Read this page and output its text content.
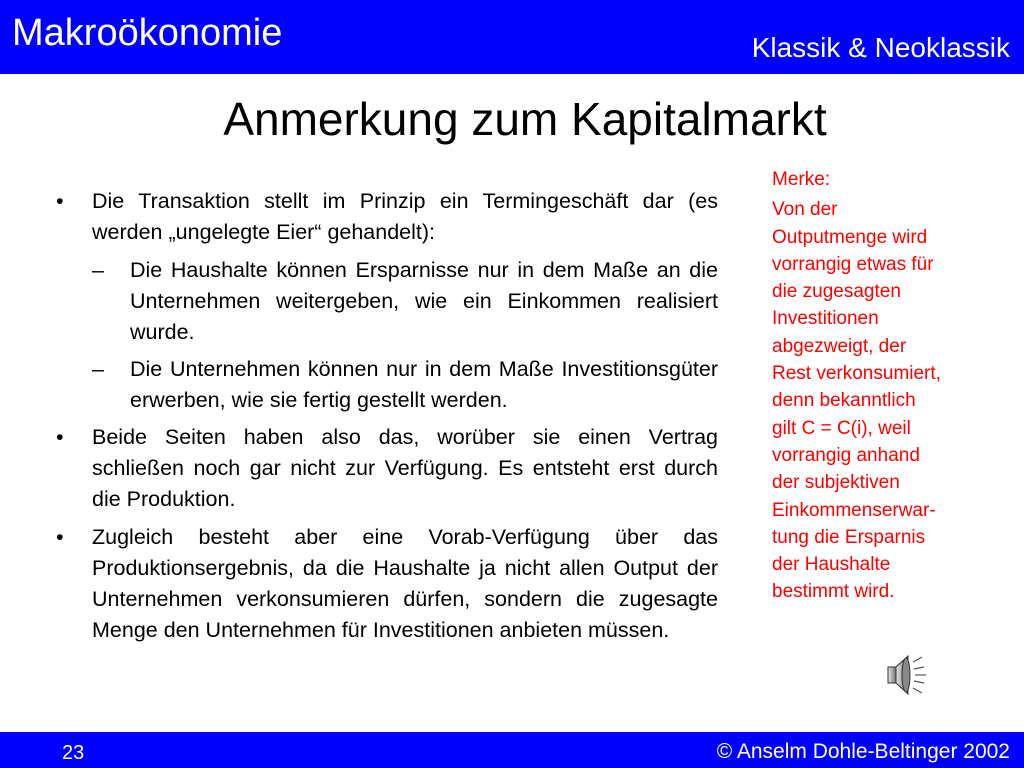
Makroökonomie	Klassik & Neoklassik
Anmerkung zum Kapitalmarkt
• Die Transaktion stellt im Prinzip ein Termingeschäft dar (es werden „ungelegte Eier“ gehandelt):
– Die Haushalte können Ersparnisse nur in dem Maße an die Unternehmen weitergeben, wie ein Einkommen realisiert wurde.
– Die Unternehmen können nur in dem Maße Investitionsgüter erwerben, wie sie fertig gestellt werden.
• Beide Seiten haben also das, worüber sie einen Vertrag schließen noch gar nicht zur Verfügung. Es entsteht erst durch die Produktion.
• Zugleich besteht aber eine Vorab-Verfügung über das Produktionsergebnis, da die Haushalte ja nicht allen Output der Unternehmen verkonsumieren dürfen, sondern die zugesagte Menge den Unternehmen für Investitionen anbieten müssen.
Merke:
Von der
Outputmenge wird
vorrangig etwas für
die zugesagten
Investitionen
abgezweigt, der
Rest verkonsumiert,
denn bekanntlich
gilt C = C(i), weil
vorrangig anhand
der subjektiven
Einkommenserwar-
tung die Ersparnis
der Haushalte
bestimmt wird.
23	© Anselm Dohle-Beltinger 2002
